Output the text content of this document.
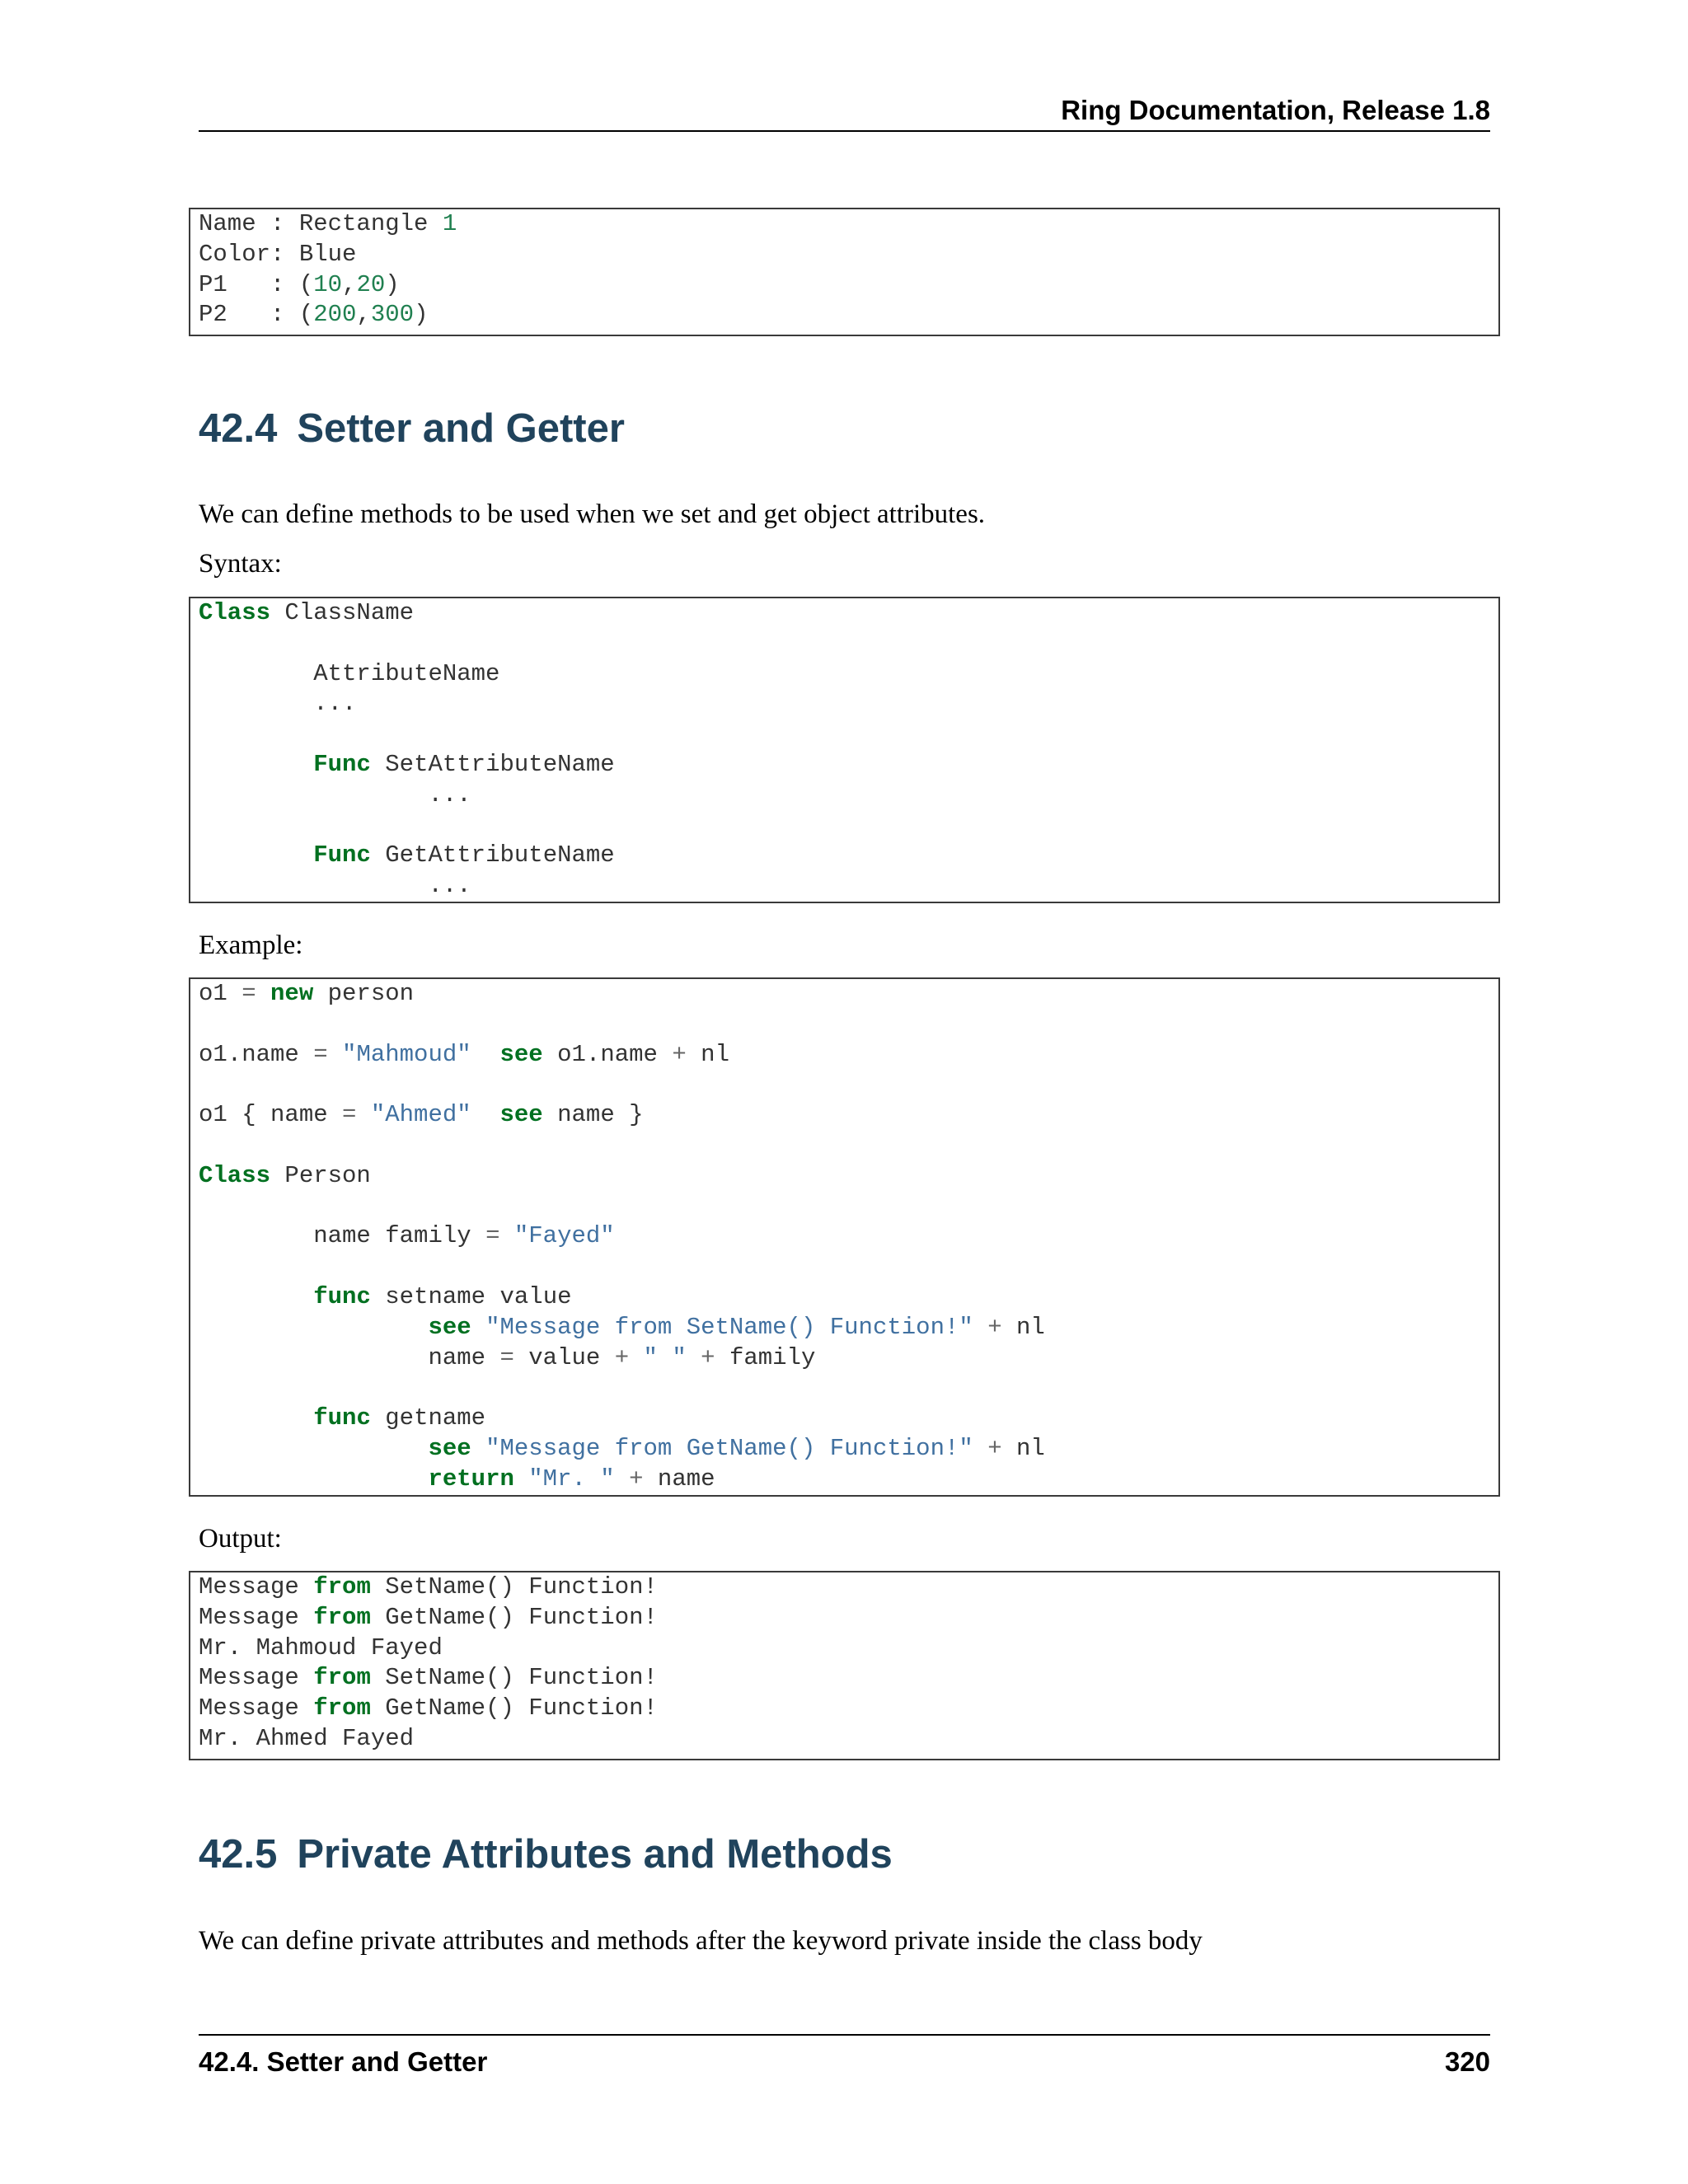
Ring Documentation, Release 1.8
Name : Rectangle 1
Color: Blue
P1   : (10,20)
P2   : (200,300)
42.4 Setter and Getter

We can define methods to be used when we set and get object attributes.

Syntax:

Class ClassName

AttributeName
...

Func SetAttributeName
...

Func GetAttributeName
...

Example:

o1 = new person

o1.name = "Mahmoud" see o1.name + nl

o1 { name = "Ahmed" see name }

Class Person

name family = "Fayed"

func setname value
see "Message from SetName() Function!" + nl
name = value + " " + family

func getname
see "Message from GetName() Function!" + nl
return "Mr. " + name

Output:

Message from SetName() Function!
Message from GetName() Function!
Mr. Mahmoud Fayed
Message from SetName() Function!
Message from GetName() Function!
Mr. Ahmed Fayed
42.5 Private Attributes and Methods

We can define private attributes and methods after the keyword private inside the class body

42.4. Setter and Getter	320
